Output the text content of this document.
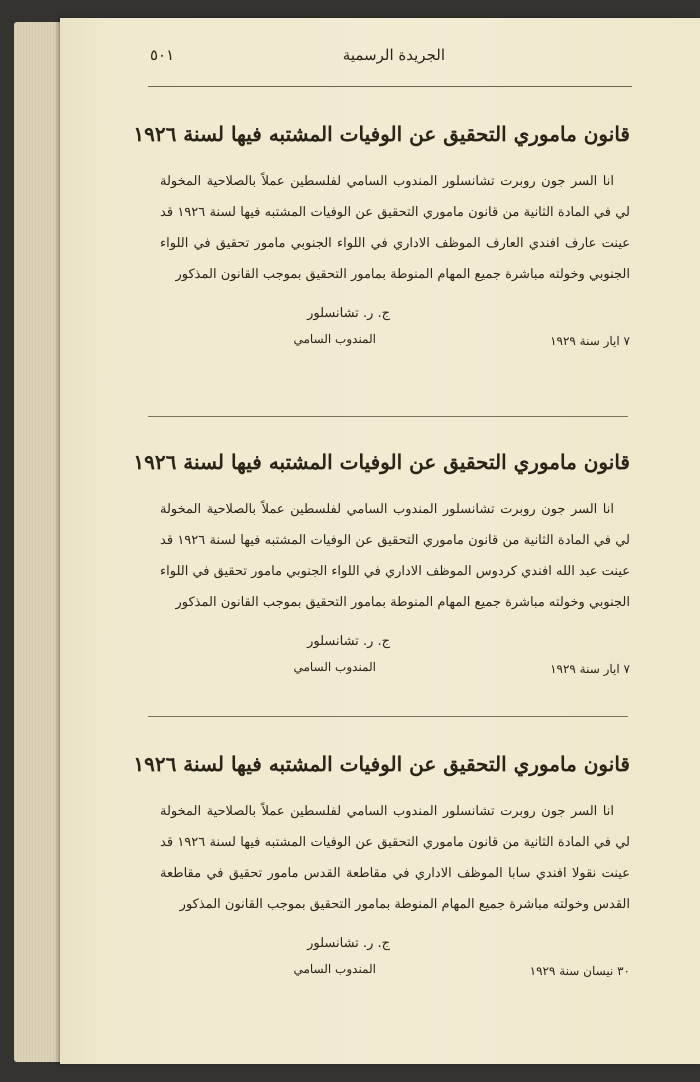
الجريدة الرسمية
٥٠١
قانون ماموري التحقيق عن الوفيات المشتبه فيها لسنة ١٩٢٦
انا السر جون روبرت تشانسلور المندوب السامي لفلسطين عملاً بالصلاحية المخولة لي في المادة الثانية من قانون ماموري التحقيق عن الوفيات المشتبه فيها لسنة ١٩٢٦ قد عينت عارف افندي العارف الموظف الاداري في اللواء الجنوبي مامور تحقيق في اللواء الجنوبي وخولته مباشرة جميع المهام المنوطة بمامور التحقيق بموجب القانون المذكور
ج. ر. تشانسلور
المندوب السامي	٧ ايار سنة ١٩٢٩
قانون ماموري التحقيق عن الوفيات المشتبه فيها لسنة ١٩٢٦
انا السر جون روبرت تشانسلور المندوب السامي لفلسطين عملاً بالصلاحية المخولة لي في المادة الثانية من قانون ماموري التحقيق عن الوفيات المشتبه فيها لسنة ١٩٢٦ قد عينت عبد الله افندي كردوس الموظف الاداري في اللواء الجنوبي مامور تحقيق في اللواء الجنوبي وخولته مباشرة جميع المهام المنوطة بمامور التحقيق بموجب القانون المذكور
ج. ر. تشانسلور
المندوب السامي	٧ ايار سنة ١٩٢٩
قانون ماموري التحقيق عن الوفيات المشتبه فيها لسنة ١٩٢٦
انا السر جون روبرت تشانسلور المندوب السامي لفلسطين عملاً بالصلاحية المخولة لي في المادة الثانية من قانون ماموري التحقيق عن الوفيات المشتبه فيها لسنة ١٩٢٦ قد عينت نقولا افندي سابا الموظف الاداري في مقاطعة القدس مامور تحقيق في مقاطعة القدس وخولته مباشرة جميع المهام المنوطة بمامور التحقيق بموجب القانون المذكور
ج. ر. تشانسلور
المندوب السامي	٣٠ نيسان سنة ١٩٢٩
